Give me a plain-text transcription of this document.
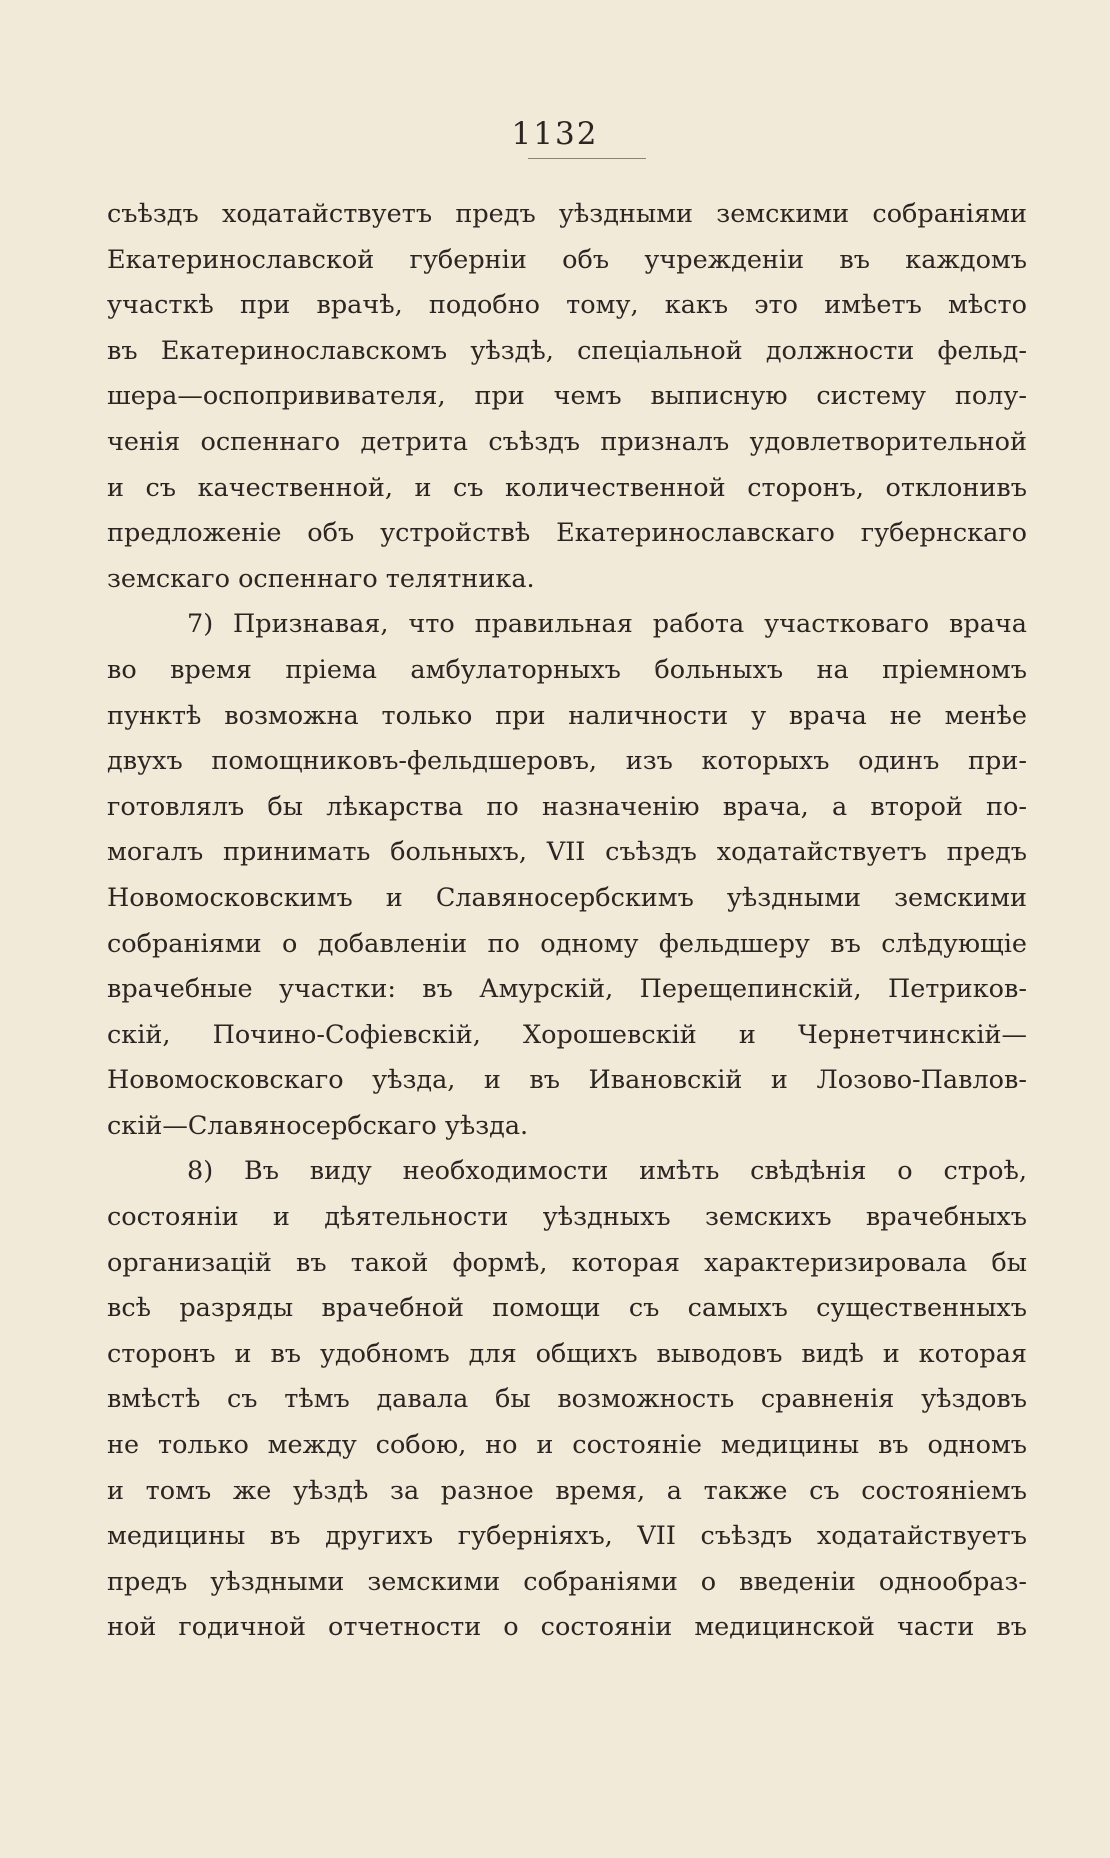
1132
съѣздъ ходатайствуетъ предъ уѣздными земскими собраніями
Екатеринославской губерніи объ учрежденіи въ каждомъ
участкѣ при врачѣ, подобно тому, какъ это имѣетъ мѣсто
въ Екатеринославскомъ уѣздѣ, спеціальной должности фельд-
шера—оспопрививателя, при чемъ выписную систему полу-
ченія оспеннаго детрита съѣздъ призналъ удовлетворительной
и съ качественной, и съ количественной сторонъ, отклонивъ
предложеніе объ устройствѣ Екатеринославскаго губернскаго
земскаго оспеннаго телятника.
7) Признавая, что правильная работа участковаго врача
во время пріема амбулаторныхъ больныхъ на пріемномъ
пунктѣ возможна только при наличности у врача не менѣе
двухъ помощниковъ-фельдшеровъ, изъ которыхъ одинъ при-
готовлялъ бы лѣкарства по назначенію врача, а второй по-
могалъ принимать больныхъ, VII съѣздъ ходатайствуетъ предъ
Новомосковскимъ и Славяносербскимъ уѣздными земскими
собраніями о добавленіи по одному фельдшеру въ слѣдующіе
врачебные участки: въ Амурскій, Перещепинскій, Петриков-
скій, Почино-Софіевскій, Хорошевскій и Чернетчинскій—
Новомосковскаго уѣзда, и въ Ивановскій и Лозово-Павлов-
скій—Славяносербскаго уѣзда.
8) Въ виду необходимости имѣть свѣдѣнія о строѣ,
состояніи и дѣятельности уѣздныхъ земскихъ врачебныхъ
организацій въ такой формѣ, которая характеризировала бы
всѣ разряды врачебной помощи съ самыхъ существенныхъ
сторонъ и въ удобномъ для общихъ выводовъ видѣ и которая
вмѣстѣ съ тѣмъ давала бы возможность сравненія уѣздовъ
не только между собою, но и состояніе медицины въ одномъ
и томъ же уѣздѣ за разное время, а также съ состояніемъ
медицины въ другихъ губерніяхъ, VII съѣздъ ходатайствуетъ
предъ уѣздными земскими собраніями о введеніи однообраз-
ной годичной отчетности о состояніи медицинской части въ
